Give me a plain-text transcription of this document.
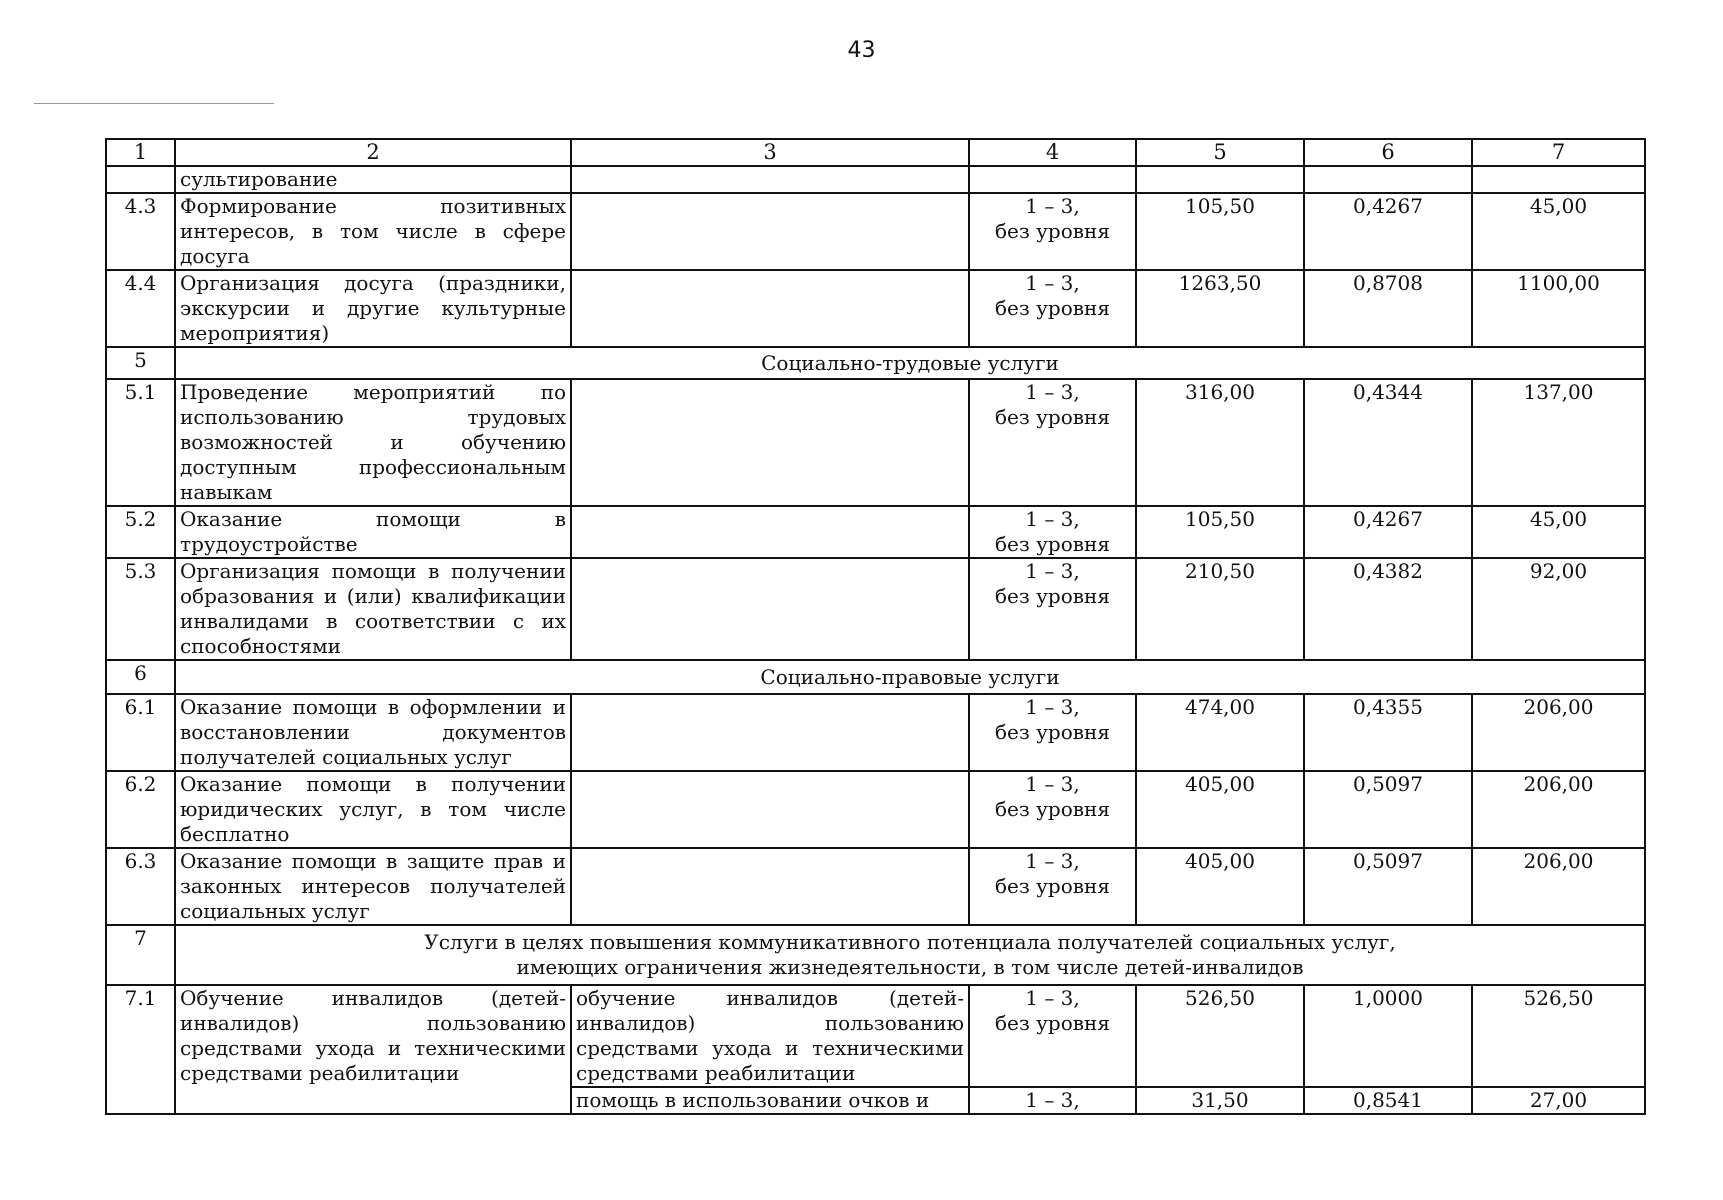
43
1	2	3	4	5	6	7
	сультирование					
4.3	Формирование позитивных интересов, в том числе в сфере досуга		1 – 3,
без уровня	105,50	0,4267	45,00
4.4	Организация досуга (праздники, экскурсии и другие культурные мероприятия)		1 – 3,
без уровня	1263,50	0,8708	1100,00
5	Социально-трудовые услуги					
5.1	Проведение мероприятий по использованию трудовых возможностей и обучению доступным профессиональным навыкам		1 – 3,
без уровня	316,00	0,4344	137,00
5.2	Оказание помощи в трудоустройстве		1 – 3,
без уровня	105,50	0,4267	45,00
5.3	Организация помощи в получении образования и (или) квалификации инвалидами в соответствии с их способностями		1 – 3,
без уровня	210,50	0,4382	92,00
6	Социально-правовые услуги					
6.1	Оказание помощи в оформлении и восстановлении документов получателей социальных услуг		1 – 3,
без уровня	474,00	0,4355	206,00
6.2	Оказание помощи в получении юридических услуг, в том числе бесплатно		1 – 3,
без уровня	405,00	0,5097	206,00
6.3	Оказание помощи в защите прав и законных интересов получателей социальных услуг		1 – 3,
без уровня	405,00	0,5097	206,00
7	Услуги в целях повышения коммуникативного потенциала получателей социальных услуг,
имеющих ограничения жизнедеятельности, в том числе детей-инвалидов					
7.1	Обучение инвалидов (детей-инвалидов) пользованию средствами ухода и техническими средствами реабилитации	обучение инвалидов (детей-инвалидов) пользованию средствами ухода и техническими средствами реабилитации	1 – 3,
без уровня	526,50	1,0000	526,50
		помощь в использовании очков и	1 – 3,	31,50	0,8541	27,00
